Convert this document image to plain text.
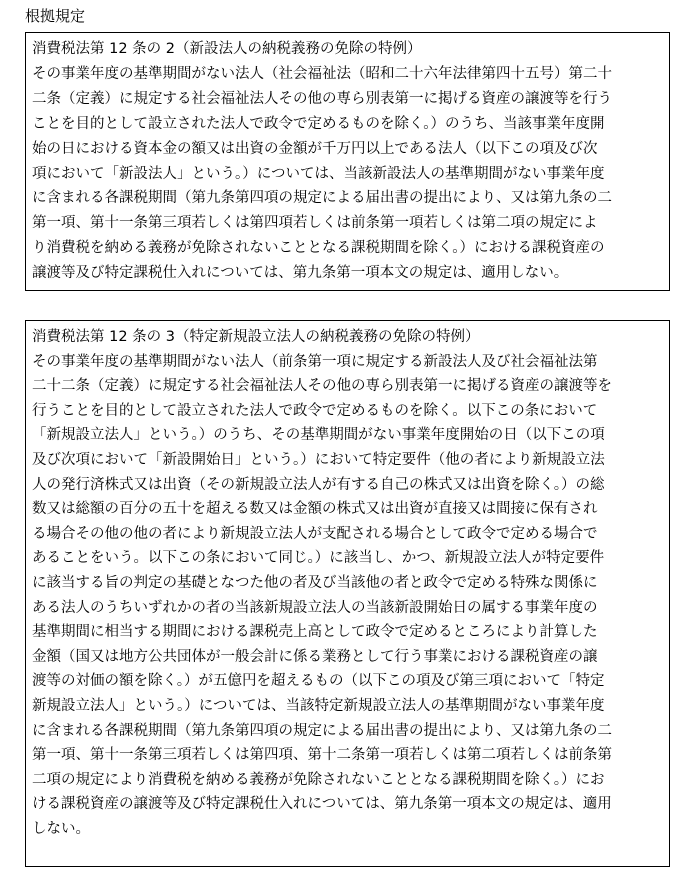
根拠規定
消費税法第 12 条の 2（新設法人の納税義務の免除の特例）
その事業年度の基準期間がない法人（社会福祉法（昭和二十六年法律第四十五号）第二十
二条（定義）に規定する社会福祉法人その他の専ら別表第一に掲げる資産の譲渡等を行う
ことを目的として設立された法人で政令で定めるものを除く。）のうち、当該事業年度開
始の日における資本金の額又は出資の金額が千万円以上である法人（以下この項及び次
項において「新設法人」という。）については、当該新設法人の基準期間がない事業年度
に含まれる各課税期間（第九条第四項の規定による届出書の提出により、又は第九条の二
第一項、第十一条第三項若しくは第四項若しくは前条第一項若しくは第二項の規定によ
り消費税を納める義務が免除されないこととなる課税期間を除く。）における課税資産の
譲渡等及び特定課税仕入れについては、第九条第一項本文の規定は、適用しない。
消費税法第 12 条の 3（特定新規設立法人の納税義務の免除の特例）
その事業年度の基準期間がない法人（前条第一項に規定する新設法人及び社会福祉法第
二十二条（定義）に規定する社会福祉法人その他の専ら別表第一に掲げる資産の譲渡等を
行うことを目的として設立された法人で政令で定めるものを除く。以下この条において
「新規設立法人」という。）のうち、その基準期間がない事業年度開始の日（以下この項
及び次項において「新設開始日」という。）において特定要件（他の者により新規設立法
人の発行済株式又は出資（その新規設立法人が有する自己の株式又は出資を除く。）の総
数又は総額の百分の五十を超える数又は金額の株式又は出資が直接又は間接に保有され
る場合その他の他の者により新規設立法人が支配される場合として政令で定める場合で
あることをいう。以下この条において同じ。）に該当し、かつ、新規設立法人が特定要件
に該当する旨の判定の基礎となつた他の者及び当該他の者と政令で定める特殊な関係に
ある法人のうちいずれかの者の当該新規設立法人の当該新設開始日の属する事業年度の
基準期間に相当する期間における課税売上高として政令で定めるところにより計算した
金額（国又は地方公共団体が一般会計に係る業務として行う事業における課税資産の譲
渡等の対価の額を除く。）が五億円を超えるもの（以下この項及び第三項において「特定
新規設立法人」という。）については、当該特定新規設立法人の基準期間がない事業年度
に含まれる各課税期間（第九条第四項の規定による届出書の提出により、又は第九条の二
第一項、第十一条第三項若しくは第四項、第十二条第一項若しくは第二項若しくは前条第
二項の規定により消費税を納める義務が免除されないこととなる課税期間を除く。）にお
ける課税資産の譲渡等及び特定課税仕入れについては、第九条第一項本文の規定は、適用
しない。
